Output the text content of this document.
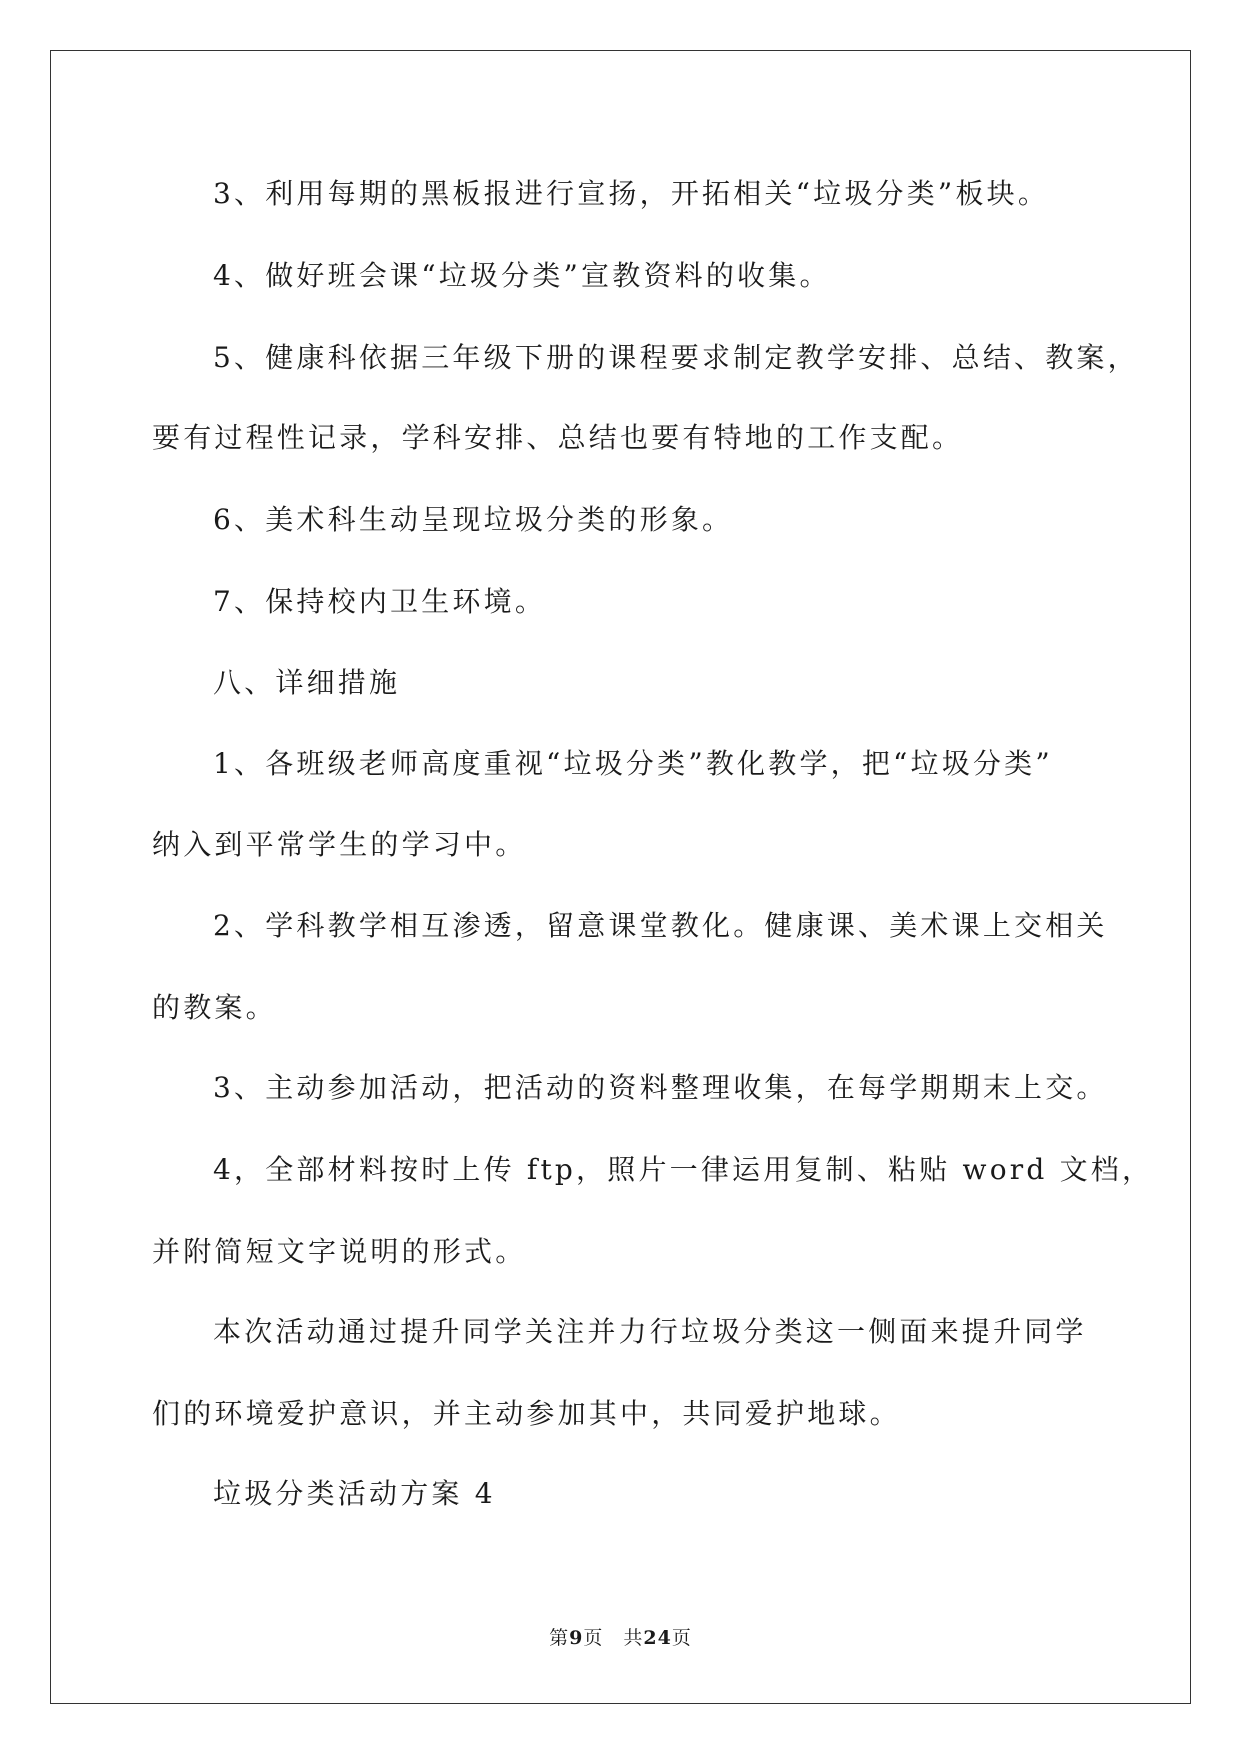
3、利用每期的黑板报进行宣扬，开拓相关“垃圾分类”板块。
4、做好班会课“垃圾分类”宣教资料的收集。
5、健康科依据三年级下册的课程要求制定教学安排、总结、教案，
要有过程性记录，学科安排、总结也要有特地的工作支配。
6、美术科生动呈现垃圾分类的形象。
7、保持校内卫生环境。
八、详细措施
1、各班级老师高度重视“垃圾分类”教化教学，把“垃圾分类”
纳入到平常学生的学习中。
2、学科教学相互渗透，留意课堂教化。健康课、美术课上交相关
的教案。
3、主动参加活动，把活动的资料整理收集，在每学期期末上交。
4，全部材料按时上传 ftp，照片一律运用复制、粘贴 word 文档，
并附简短文字说明的形式。
本次活动通过提升同学关注并力行垃圾分类这一侧面来提升同学
们的环境爱护意识，并主动参加其中，共同爱护地球。
垃圾分类活动方案 4
第9页　共24页
